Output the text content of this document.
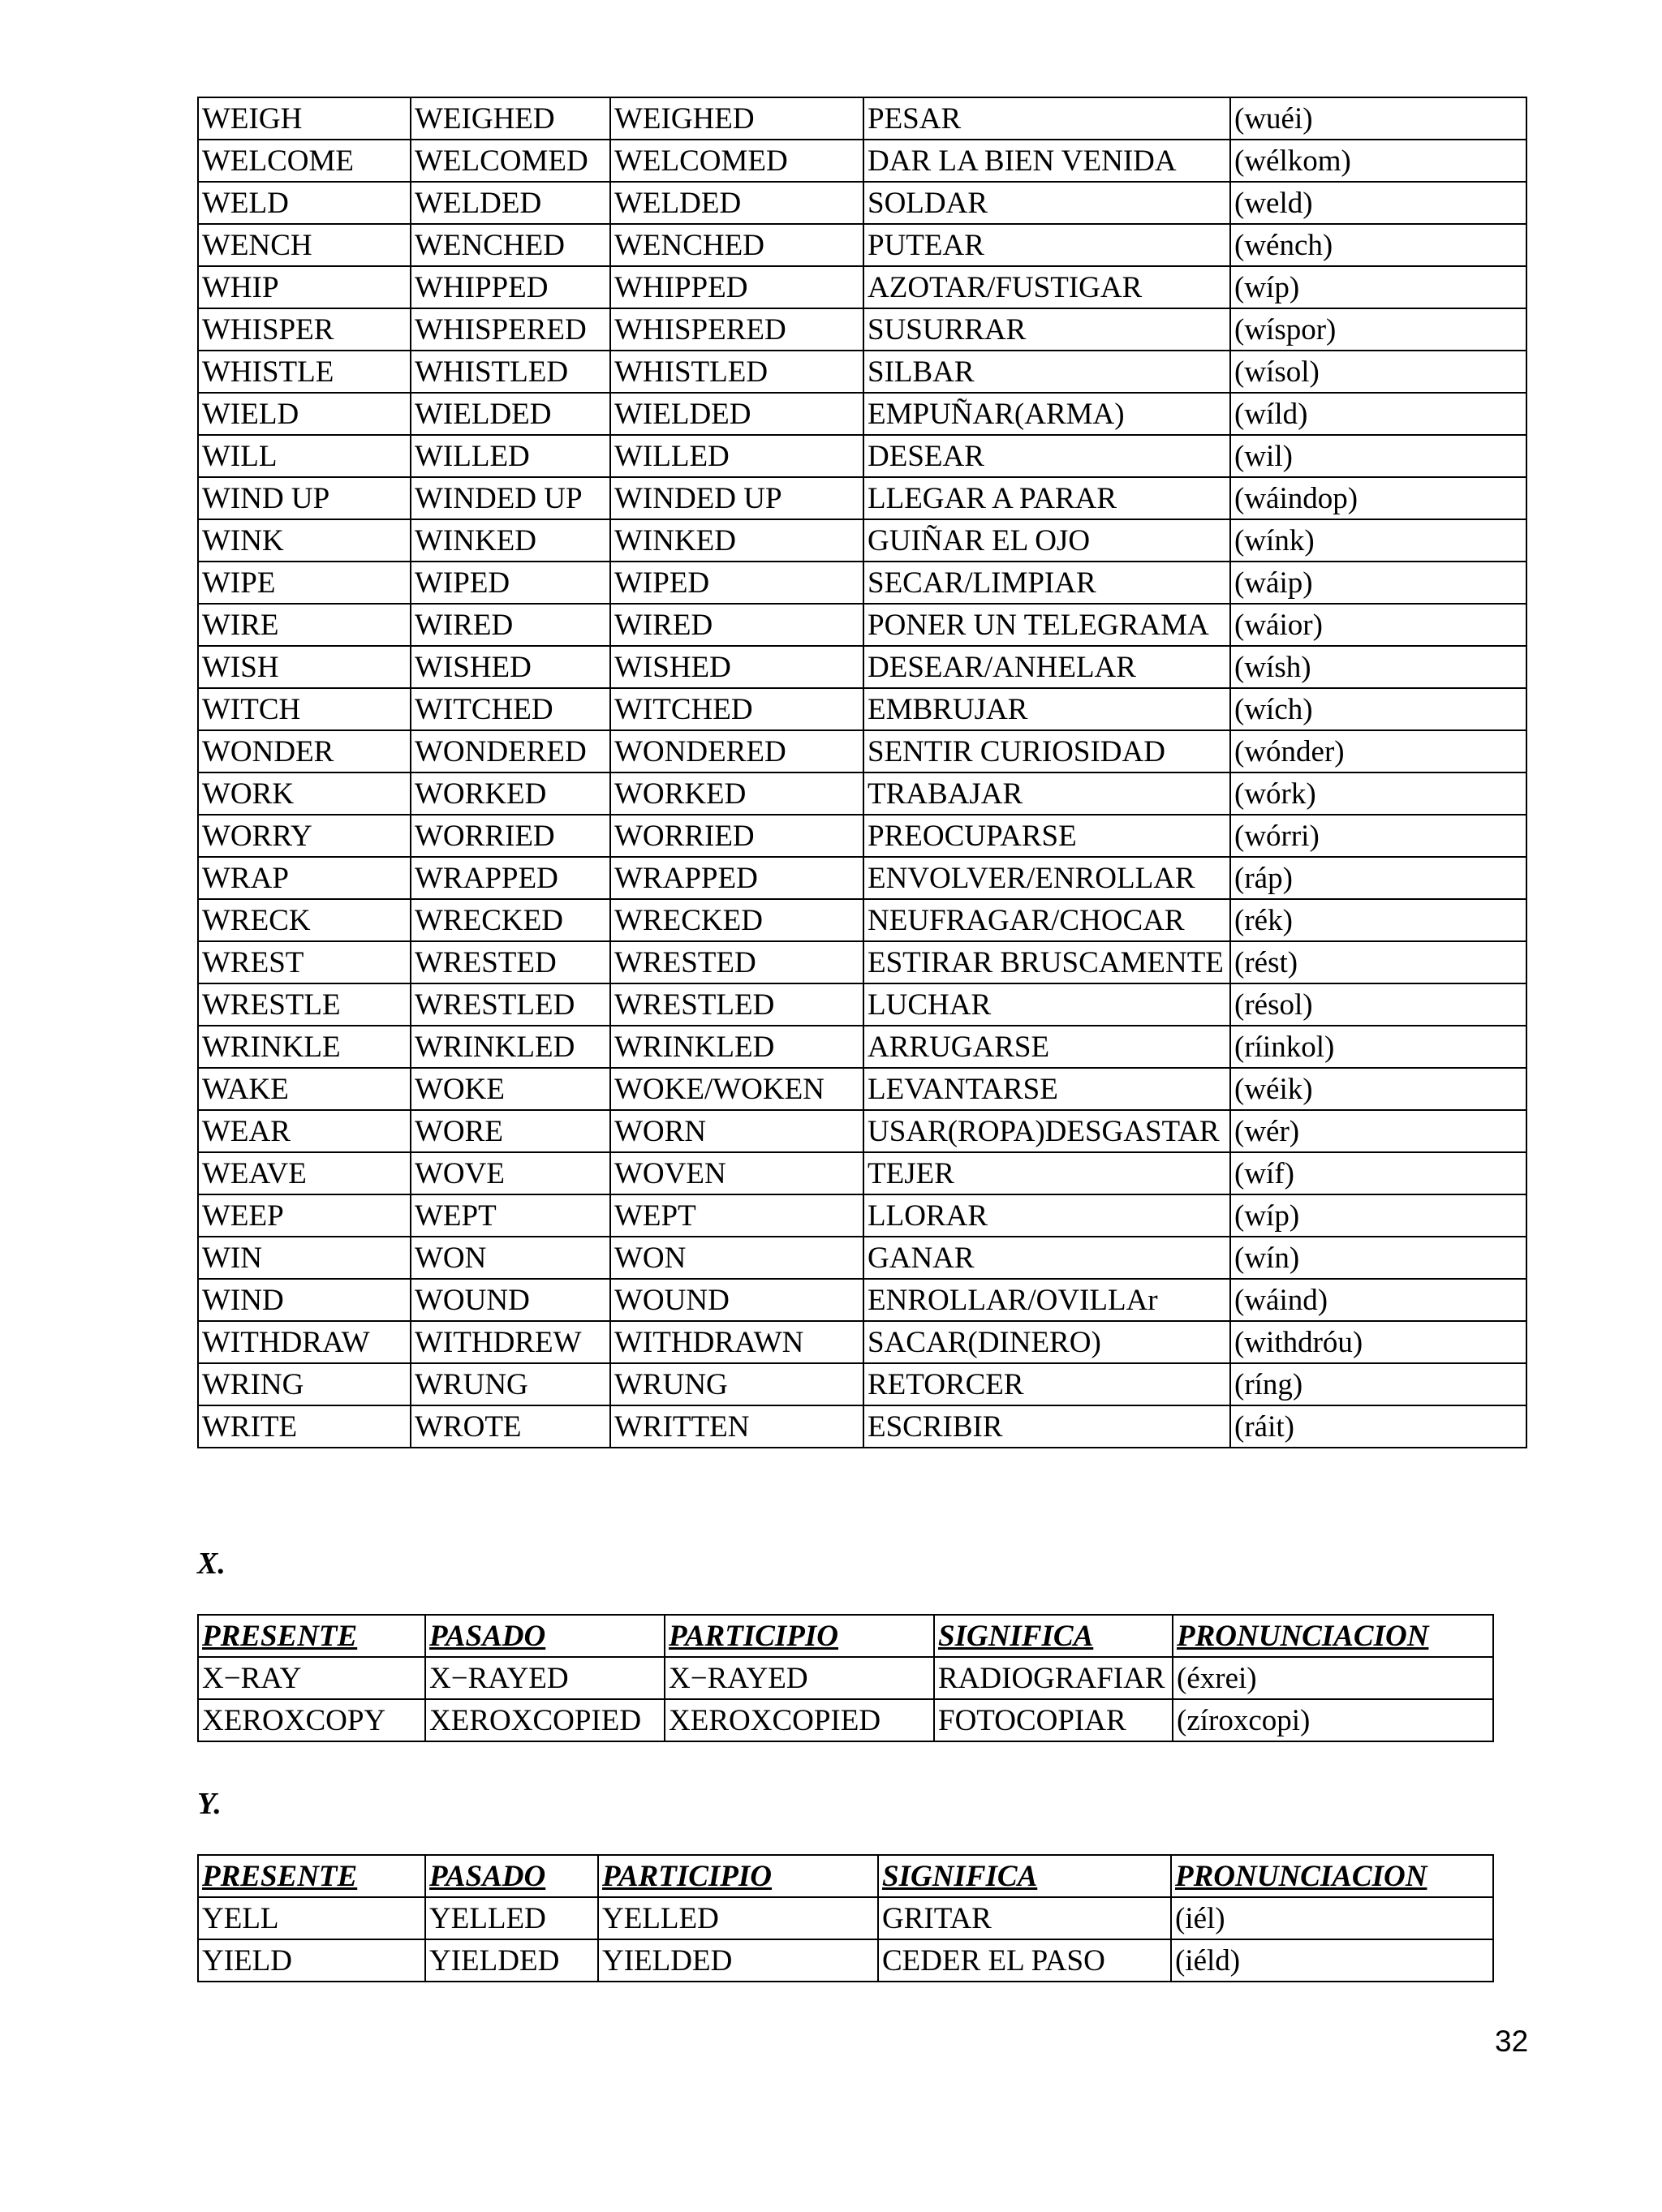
WEIGH	WEIGHED	WEIGHED	PESAR	(wuéi)
WELCOME	WELCOMED	WELCOMED	DAR LA BIEN VENIDA	(wélkom)
WELD	WELDED	WELDED	SOLDAR	(weld)
WENCH	WENCHED	WENCHED	PUTEAR	(wénch)
WHIP	WHIPPED	WHIPPED	AZOTAR/FUSTIGAR	(wíp)
WHISPER	WHISPERED	WHISPERED	SUSURRAR	(wíspor)
WHISTLE	WHISTLED	WHISTLED	SILBAR	(wísol)
WIELD	WIELDED	WIELDED	EMPUÑAR(ARMA)	(wíld)
WILL	WILLED	WILLED	DESEAR	(wil)
WIND UP	WINDED UP	WINDED UP	LLEGAR A PARAR	(wáindop)
WINK	WINKED	WINKED	GUIÑAR EL OJO	(wínk)
WIPE	WIPED	WIPED	SECAR/LIMPIAR	(wáip)
WIRE	WIRED	WIRED	PONER UN TELEGRAMA	(wáior)
WISH	WISHED	WISHED	DESEAR/ANHELAR	(wísh)
WITCH	WITCHED	WITCHED	EMBRUJAR	(wích)
WONDER	WONDERED	WONDERED	SENTIR CURIOSIDAD	(wónder)
WORK	WORKED	WORKED	TRABAJAR	(wórk)
WORRY	WORRIED	WORRIED	PREOCUPARSE	(wórri)
WRAP	WRAPPED	WRAPPED	ENVOLVER/ENROLLAR	(ráp)
WRECK	WRECKED	WRECKED	NEUFRAGAR/CHOCAR	(rék)
WREST	WRESTED	WRESTED	ESTIRAR BRUSCAMENTE	(rést)
WRESTLE	WRESTLED	WRESTLED	LUCHAR	(résol)
WRINKLE	WRINKLED	WRINKLED	ARRUGARSE	(ríinkol)
WAKE	WOKE	WOKE/WOKEN	LEVANTARSE	(wéik)
WEAR	WORE	WORN	USAR(ROPA)DESGASTAR	(wér)
WEAVE	WOVE	WOVEN	TEJER	(wíf)
WEEP	WEPT	WEPT	LLORAR	(wíp)
WIN	WON	WON	GANAR	(wín)
WIND	WOUND	WOUND	ENROLLAR/OVILLAr	(wáind)
WITHDRAW	WITHDREW	WITHDRAWN	SACAR(DINERO)	(withdróu)
WRING	WRUNG	WRUNG	RETORCER	(ríng)
WRITE	WROTE	WRITTEN	ESCRIBIR	(ráit)

X.

PRESENTE	PASADO	PARTICIPIO	SIGNIFICA	PRONUNCIACION
X−RAY	X−RAYED	X−RAYED	RADIOGRAFIAR	(éxrei)
XEROXCOPY	XEROXCOPIED	XEROXCOPIED	FOTOCOPIAR	(zíroxcopi)

Y.

PRESENTE	PASADO	PARTICIPIO	SIGNIFICA	PRONUNCIACION
YELL	YELLED	YELLED	GRITAR	(iél)
YIELD	YIELDED	YIELDED	CEDER EL PASO	(iéld)
32
